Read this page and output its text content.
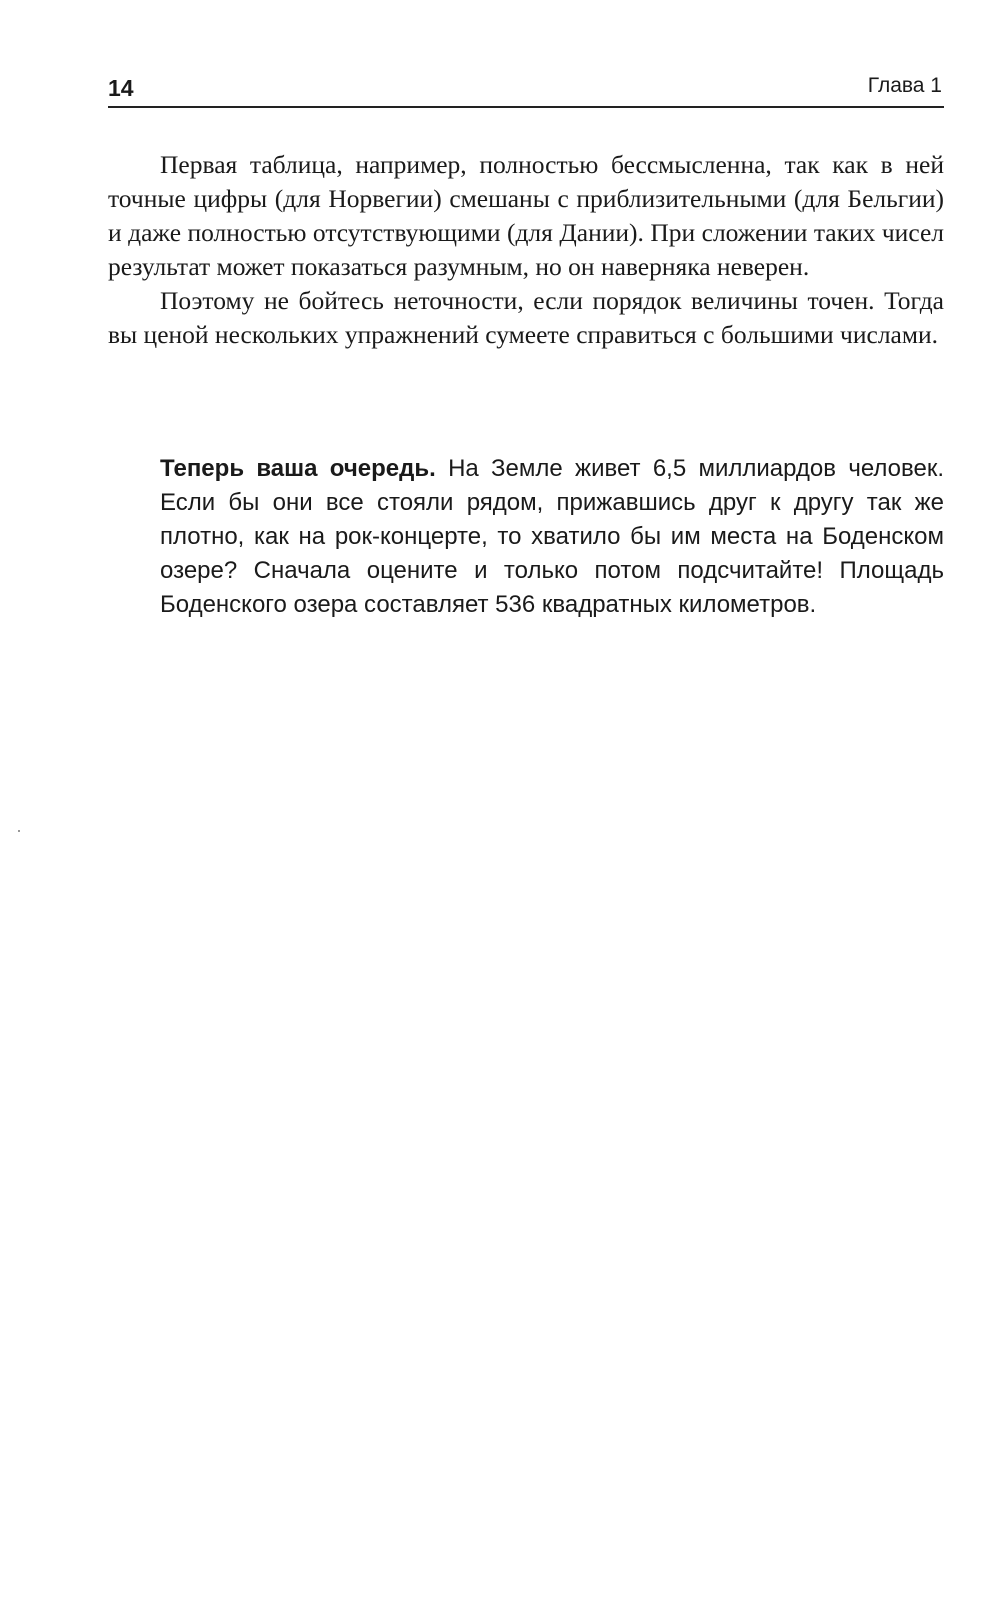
14	Глава 1

Первая таблица, например, полностью бессмысленна, так как в ней точные цифры (для Норвегии) смешаны с приблизительными (для Бельгии) и даже полностью отсутствующими (для Дании). При сложении таких чисел результат может показаться разумным, но он наверняка неверен.

Поэтому не бойтесь неточности, если порядок величины точен. Тогда вы ценой нескольких упражнений сумеете справиться с большими числами.

Теперь ваша очередь. На Земле живет 6,5 миллиардов человек. Если бы они все стояли рядом, прижавшись друг к другу так же плотно, как на рок-концерте, то хватило бы им места на Боденском озере? Сначала оцените и только потом подсчитайте! Площадь Боденского озера составляет 536 квадратных километров.
